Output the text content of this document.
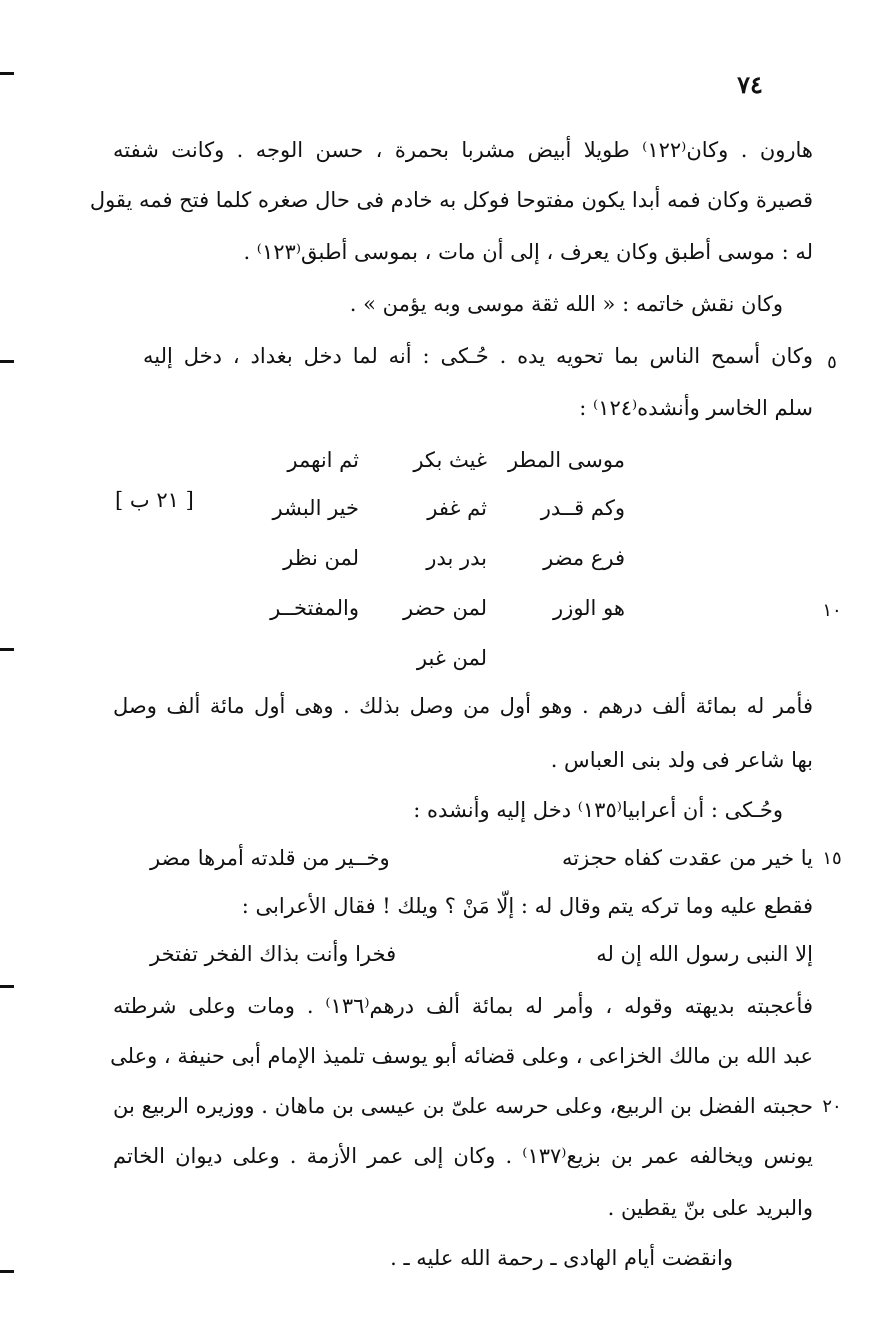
٧٤
هارون . وكان⁽١٢٢⁾ طويلا أبيض مشربا بحمرة ، حسن الوجه . وكانت شفته
قصيرة وكان فمه أبدا يكون مفتوحا فوكل به خادم فى حال صغره كلما فتح فمه يقول
له : موسى أطبق وكان يعرف ، إلى أن مات ، بموسى أطبق⁽١٢٣⁾ .
وكان نقش خاتمه : « الله ثقة موسى وبه يؤمن » .
وكان أسمح الناس بما تحويه يده . حُـكى : أنه لما دخل بغداد ، دخل إليه
سلم الخاسر وأنشده⁽١٢٤⁾ :
٥
موسى المطر
غيث بكر
ثم انهمر
وكم قــدر
ثم غفر
خير البشر
[ ٢١ ب ]
فرع مضر
بدر بدر
لمن نظر
هو الوزر
لمن حضر
والمفتخــر	١٠
لمن غبر
فأمر له بمائة ألف درهم . وهو أول من وصل بذلك . وهى أول مائة ألف وصل
بها شاعر فى ولد بنى العباس .
وحُـكى : أن أعرابيا⁽١٣٥⁾ دخل إليه وأنشده :
١٥
يا خير من عقدت كفاه حجزته
وخــير من قلدته أمرها مضر
فقطع عليه وما تركه يتم وقال له : إلّا مَنْ ؟ ويلك ! فقال الأعرابى :
إلا النبى رسول الله إن له
فخرا وأنت بذاك الفخر تفتخر
فأعجبته بديهته وقوله ، وأمر له بمائة ألف درهم⁽١٣٦⁾ . ومات وعلى شرطته
عبد الله بن مالك الخزاعى ، وعلى قضائه أبو يوسف تلميذ الإمام أبى حنيفة ، وعلى
حجبته الفضل بن الربيع، وعلى حرسه علىّ بن عيسى بن ماهان . ووزيره الربيع بن ٢٠
يونس ويخالفه عمر بن بزيع⁽١٣٧⁾ . وكان إلى عمر الأزمة . وعلى ديوان الخاتم
والبريد على بنّ يقطين .
وانقضت أيام الهادى ـ رحمة الله عليه ـ .
